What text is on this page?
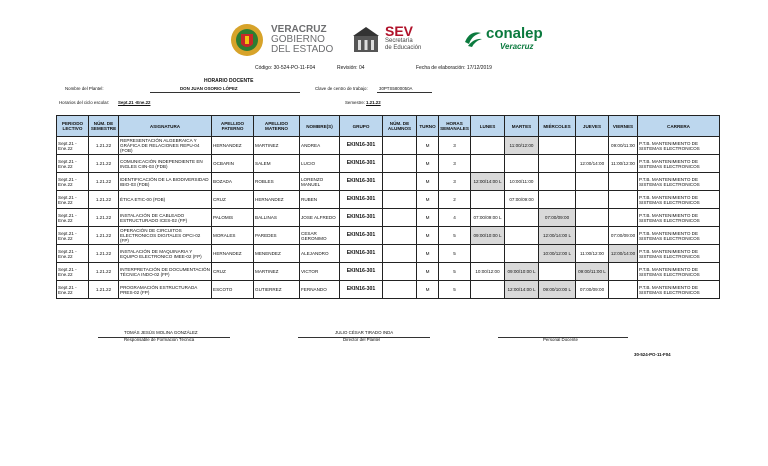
VERACRUZ
GOBIERNO
DEL ESTADO
SEV
Secretaría
de Educación
conalep
Veracruz
Código: 30-524-PO-11-F04	Revisión: 04	Fecha de elaboración: 17/12/2019
HORARIO DOCENTE
Nombre del Plantel:	DON JUAN OSORIO LÓPEZ	Clave de centro de trabajo:	30PTS5800050A
Horarios del ciclo escolar: Sept.21 -Ene.22	Semestre: 1.21.22
PERIODO LECTIVO	NÚM. DE SEMESTRE	ASIGNATURA	APELLIDO PATERNO	APELLIDO MATERNO	NOMBRE(S)	GRUPO	NÚM. DE ALUMNOS	TURNO	HORAS SEMANALES	LUNES	MARTES	MIÉRCOLES	JUEVES	VIERNES	CARRERA
Sept.21 - Ene.22	1.21.22	REPRESENTACIÓN ALGEBRAICA Y GRÁFICA DE RELACIONES REPU-04 (FOB)	HERNANDEZ	MARTINEZ	ANDREA	EKIN16-301		M	3		11:00/12:00			09:00/11:00	P.T.B. MANTENIMIENTO DE SISTEMAS ELECTRONICOS
Sept.21 - Ene.22	1.21.22	COMUNICACIÓN INDEPENDIENTE EN INGLES CIIN-03 (FDB)	OCBARIN	SALEM	LUCIO	EKIN16-301		M	3				12:00/14:00	11:00/12:00	P.T.B. MANTENIMIENTO DE SISTEMAS ELECTRONICOS
Sept.21 - Ene.22	1.21.22	IDENTIFICACIÓN DE LA BIODIVERSIDAD IBIO-03 (FDB)	BOZADA	ROBLES	LORENZO MANUEL	EKIN16-301		M	3	12:00/14:00 L	10:00/11:00				P.T.B. MANTENIMIENTO DE SISTEMAS ELECTRONICOS
Sept.21 - Ene.22	1.21.22	ÉTICA ETIC-00 (FDB)	CRUZ	HERNANDEZ	RUBEN	EKIN16-301		M	2		07:00/09:00				P.T.B. MANTENIMIENTO DE SISTEMAS ELECTRONICOS
Sept.21 - Ene.22	1.21.22	INSTALACIÓN DE CABLEADO ESTRUCTURADO ICES-02 (FP)	PALOMIS	BALLINAS	JOSE ALFREDO	EKIN16-301		M	4	07:00/09:00 L		07:00/09:00			P.T.B. MANTENIMIENTO DE SISTEMAS ELECTRONICOS
Sept.21 - Ene.22	1.21.22	OPERACIÓN DE CIRCUITOS ELECTRONICOS DIGITALES OPCI-02 (FP)	MORALES	PAREDES	CESAR GERONIMO	EKIN16-301		M	5	09:00/10:00 L		12:00/14:00 L		07:00/09:00	P.T.B. MANTENIMIENTO DE SISTEMAS ELECTRONICOS
Sept.21 - Ene.22	1.21.22	INSTALACIÓN DE MAQUINARIA Y EQUIPO ELECTRONICO IMEE-02 (FP)	HERNANDEZ	MENENDEZ	ALEJANDRO	EKIN16-301		M	5			10:00/12:00 L	11:00/12:00	12:00/14:00	P.T.B. MANTENIMIENTO DE SISTEMAS ELECTRONICOS
Sept.21 - Ene.22	1.21.22	INTERPRETACIÓN DE DOCUMENTACIÓN TÉCNICA INDO-02 (FP)	CRUZ	MARTINEZ	VICTOR	EKIN16-301		M	5	10:00/12:00	09:00/10:00 L		09:00/11:00 L		P.T.B. MANTENIMIENTO DE SISTEMAS ELECTRONICOS
Sept.21 - Ene.22	1.21.22	PROGRAMACIÓN ESTRUCTURADA PRES-02 (FP)	ESCOTO	GUTIERREZ	FERNANDO	EKIN16-301		M	5		12:00/14:00 L	09:00/10:00 L	07:00/09:00		P.T.B. MANTENIMIENTO DE SISTEMAS ELECTRONICOS
TOMÁS JESÚS MOLINA GONZÁLEZ
Responsable de Formación Técnica
JULIO CÉSAR TIRADO INDA
Director del Plantel	Personal Docente
30-524-PO-11-F04
